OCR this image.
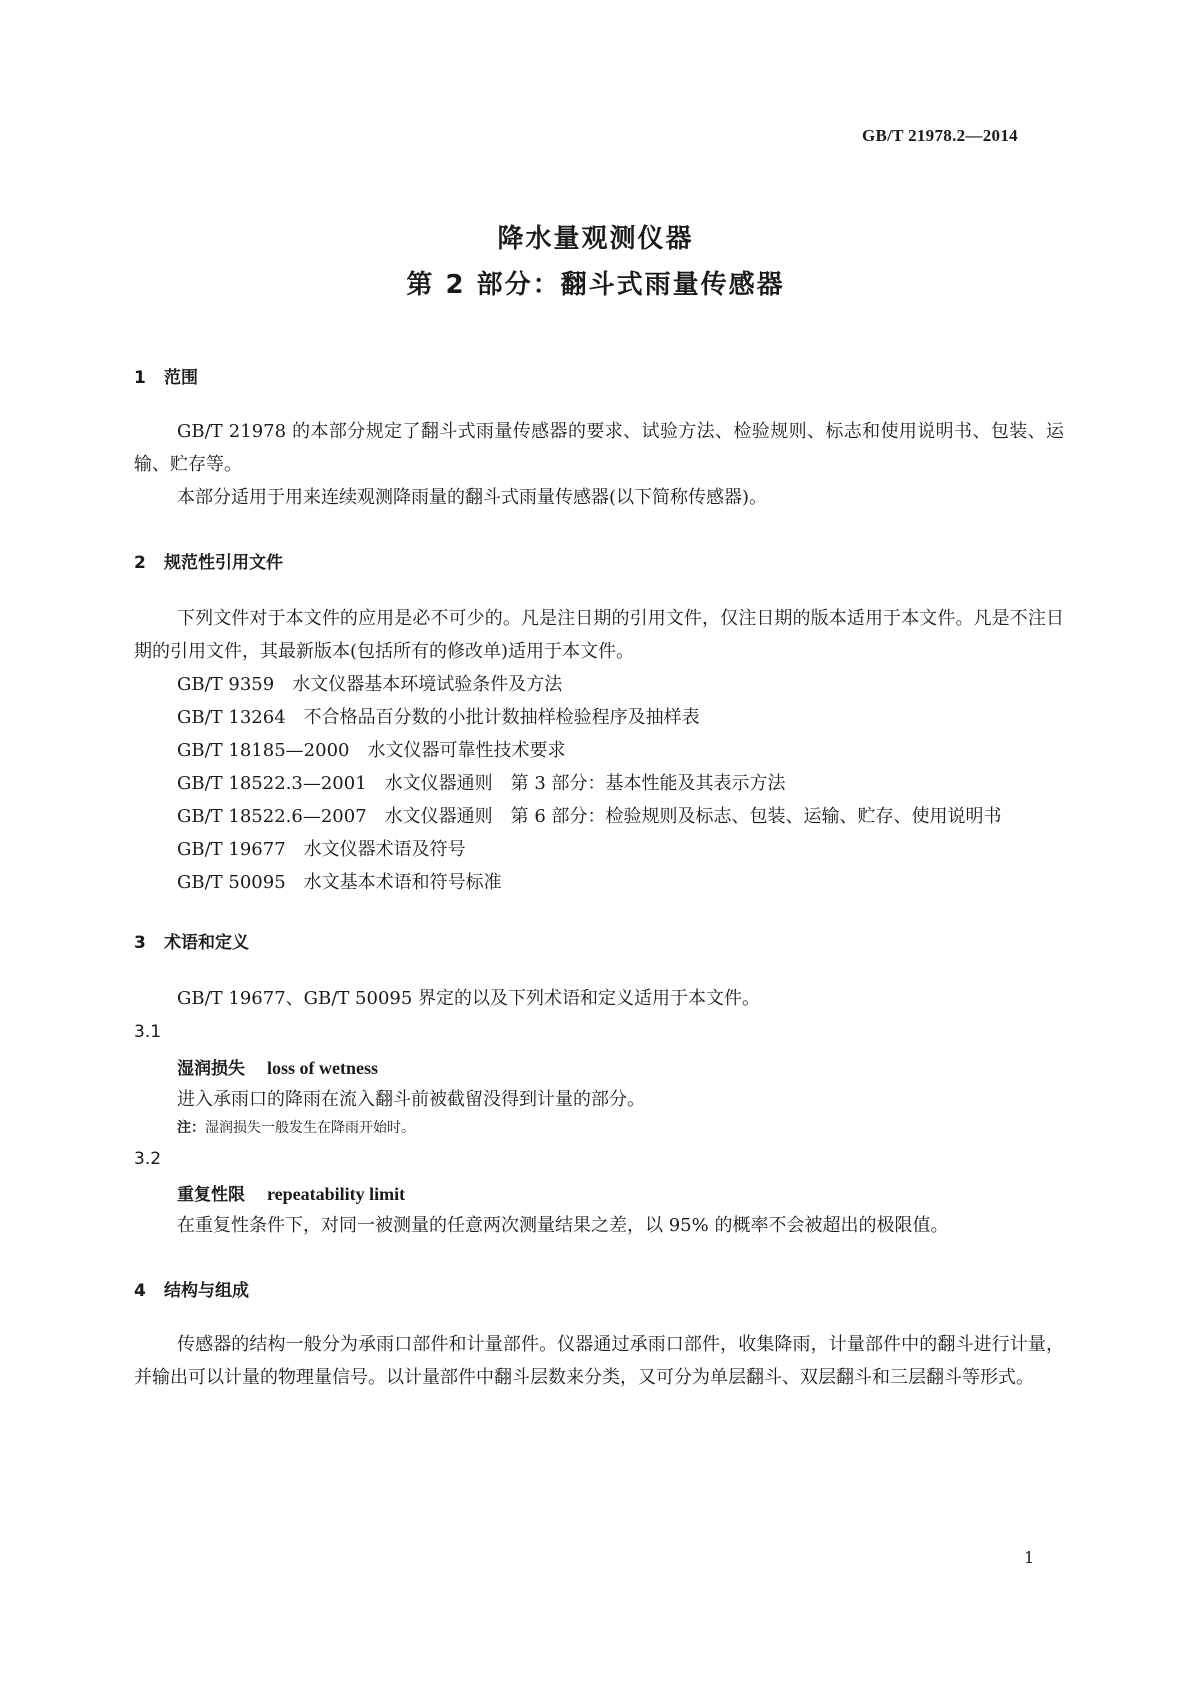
GB/T 21978.2—2014
降水量观测仪器
第 2 部分：翻斗式雨量传感器
1 范围
GB/T 21978 的本部分规定了翻斗式雨量传感器的要求、试验方法、检验规则、标志和使用说明书、包装、运输、贮存等。
本部分适用于用来连续观测降雨量的翻斗式雨量传感器(以下简称传感器)。
2 规范性引用文件
下列文件对于本文件的应用是必不可少的。凡是注日期的引用文件，仅注日期的版本适用于本文件。凡是不注日期的引用文件，其最新版本(包括所有的修改单)适用于本文件。
GB/T 9359 水文仪器基本环境试验条件及方法
GB/T 13264 不合格品百分数的小批计数抽样检验程序及抽样表
GB/T 18185—2000 水文仪器可靠性技术要求
GB/T 18522.3—2001 水文仪器通则　第 3 部分：基本性能及其表示方法
GB/T 18522.6—2007 水文仪器通则　第 6 部分：检验规则及标志、包装、运输、贮存、使用说明书
GB/T 19677 水文仪器术语及符号
GB/T 50095 水文基本术语和符号标准
3 术语和定义
GB/T 19677、GB/T 50095 界定的以及下列术语和定义适用于本文件。
3.1
湿润损失 loss of wetness
进入承雨口的降雨在流入翻斗前被截留没得到计量的部分。
注：湿润损失一般发生在降雨开始时。
3.2
重复性限 repeatability limit
在重复性条件下，对同一被测量的任意两次测量结果之差，以 95% 的概率不会被超出的极限值。
4 结构与组成
传感器的结构一般分为承雨口部件和计量部件。仪器通过承雨口部件，收集降雨，计量部件中的翻斗进行计量，并输出可以计量的物理量信号。以计量部件中翻斗层数来分类，又可分为单层翻斗、双层翻斗和三层翻斗等形式。
1
